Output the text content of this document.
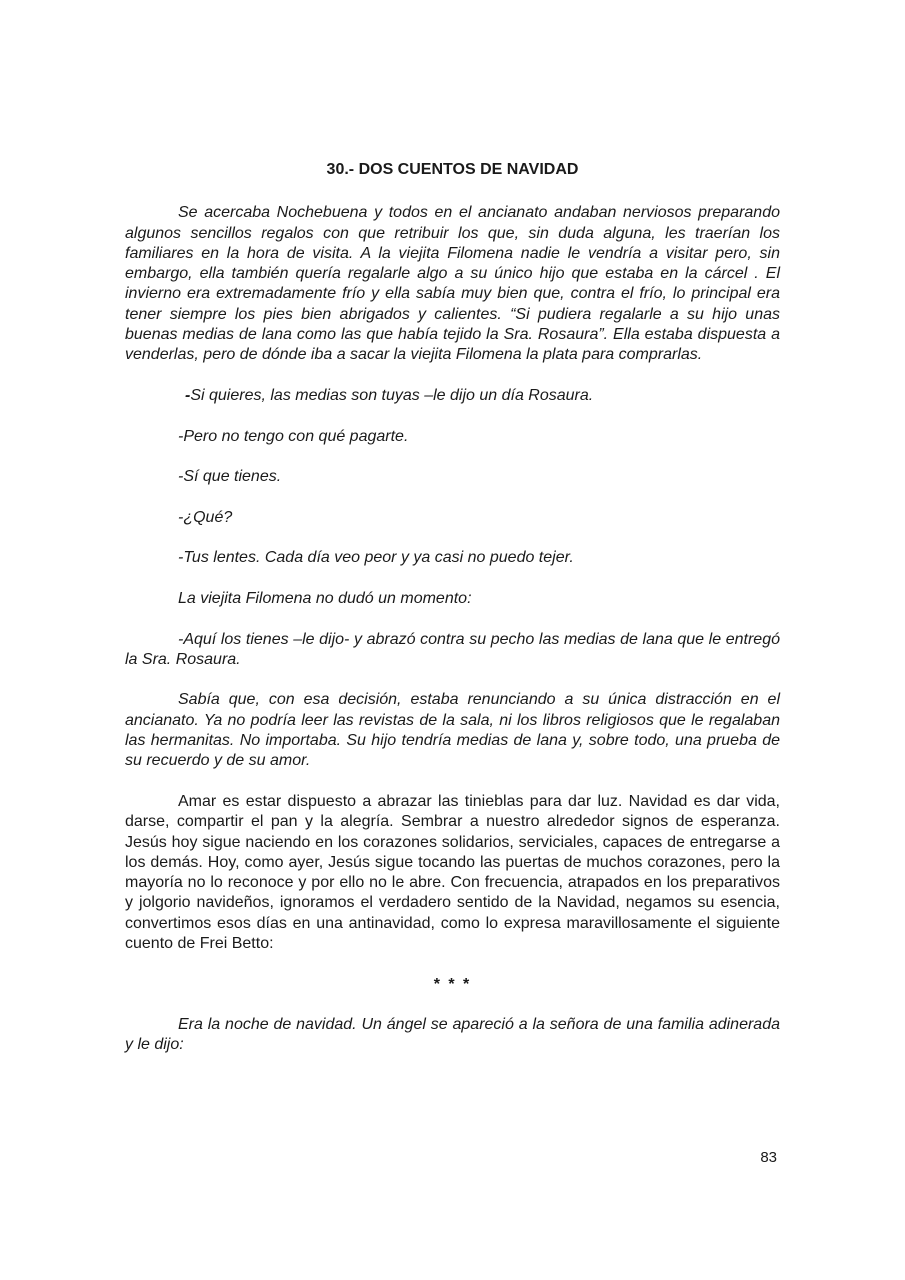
30.- DOS CUENTOS DE NAVIDAD

Se acercaba Nochebuena y todos en el ancianato andaban nerviosos preparando algunos sencillos regalos con que retribuir los que, sin duda alguna, les traerían los familiares en la hora de visita. A la viejita Filomena nadie le vendría a visitar pero, sin embargo, ella también quería regalarle algo a su único hijo que estaba en la cárcel . El invierno era extremadamente frío y ella sabía muy bien que, contra el frío, lo principal era tener siempre los pies bien abrigados y calientes. “Si pudiera regalarle a su hijo unas buenas medias de lana como las que había tejido la Sra. Rosaura”. Ella estaba dispuesta a venderlas, pero de dónde iba a sacar la viejita Filomena la plata para comprarlas.

-Si quieres, las medias son tuyas –le dijo un día Rosaura.

-Pero no tengo con qué pagarte.

-Sí que tienes.

-¿Qué?

-Tus lentes. Cada día veo peor y ya casi no puedo tejer.

La viejita Filomena no dudó un momento:

-Aquí los tienes –le dijo- y abrazó contra su pecho las medias de lana que le entregó la Sra. Rosaura.

Sabía que, con esa decisión, estaba renunciando a su única distracción en el ancianato. Ya no podría leer las revistas de la sala, ni los libros religiosos que le regalaban las hermanitas. No importaba. Su hijo tendría medias de lana y, sobre todo, una prueba de su recuerdo y de su amor.

Amar es estar dispuesto a abrazar las tinieblas para dar luz. Navidad es dar vida, darse, compartir el pan y la alegría. Sembrar a nuestro alrededor signos de esperanza. Jesús hoy sigue naciendo en los corazones solidarios, serviciales, capaces de entregarse a los demás. Hoy, como ayer, Jesús sigue tocando las puertas de muchos corazones, pero la mayoría no lo reconoce y por ello no le abre. Con frecuencia, atrapados en los preparativos y jolgorio navideños, ignoramos el verdadero sentido de la Navidad, negamos su esencia, convertimos esos días en una antinavidad, como lo expresa maravillosamente el siguiente cuento de Frei Betto:

* * *

Era la noche de navidad. Un ángel se apareció a la señora de una familia adinerada y le dijo:

83
